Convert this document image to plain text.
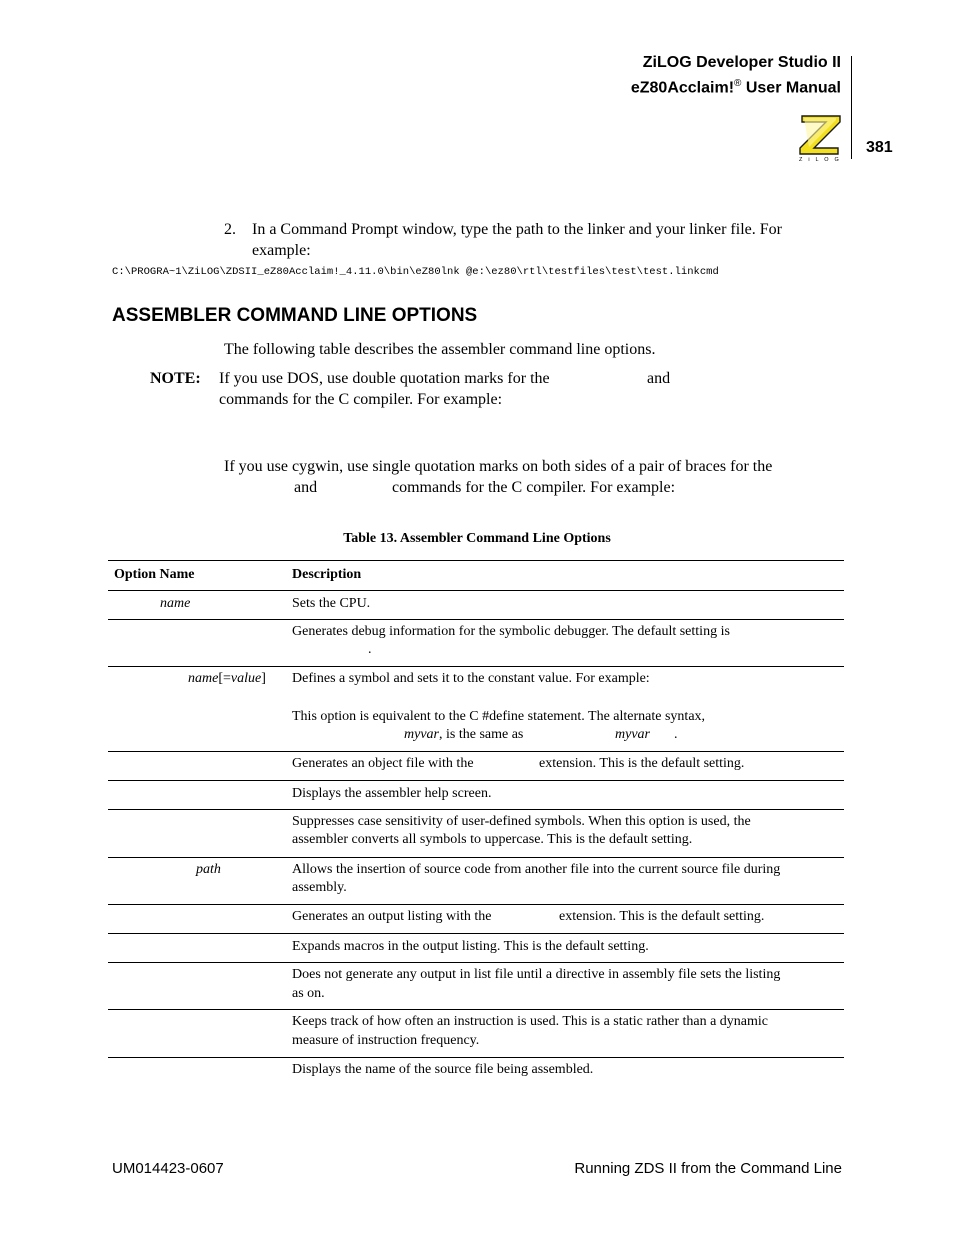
ZiLOG Developer Studio II
eZ80Acclaim!® User Manual
Z i L O G
381
2. In a Command Prompt window, type the path to the linker and your linker file. For example:
C:\PROGRA~1\ZiLOG\ZDSII_eZ80Acclaim!_4.11.0\bin\eZ80lnk @e:\ez80\rtl\testfiles\test\test.linkcmd
ASSEMBLER COMMAND LINE OPTIONS
The following table describes the assembler command line options.
NOTE: If you use DOS, use double quotation marks for the	and
commands for the C compiler. For example:
If you use cygwin, use single quotation marks on both sides of a pair of braces for the
and	commands for the C compiler. For example:
Table 13. Assembler Command Line Options
Option Name	Description
name	Sets the CPU.
Generates debug information for the symbolic debugger. The default setting is
.
name[=value] Defines a symbol and sets it to the constant value. For example:
This option is equivalent to the C #define statement. The alternate syntax,
myvar, is the same as	myvar .
Generates an object file with the	extension. This is the default setting.
Displays the assembler help screen.
Suppresses case sensitivity of user-defined symbols. When this option is used, the
assembler converts all symbols to uppercase. This is the default setting.
path	Allows the insertion of source code from another file into the current source file during
assembly.
Generates an output listing with the	extension. This is the default setting.
Expands macros in the output listing. This is the default setting.
Does not generate any output in list file until a directive in assembly file sets the listing
as on.
Keeps track of how often an instruction is used. This is a static rather than a dynamic
measure of instruction frequency.
Displays the name of the source file being assembled.
UM014423-0607	Running ZDS II from the Command Line
